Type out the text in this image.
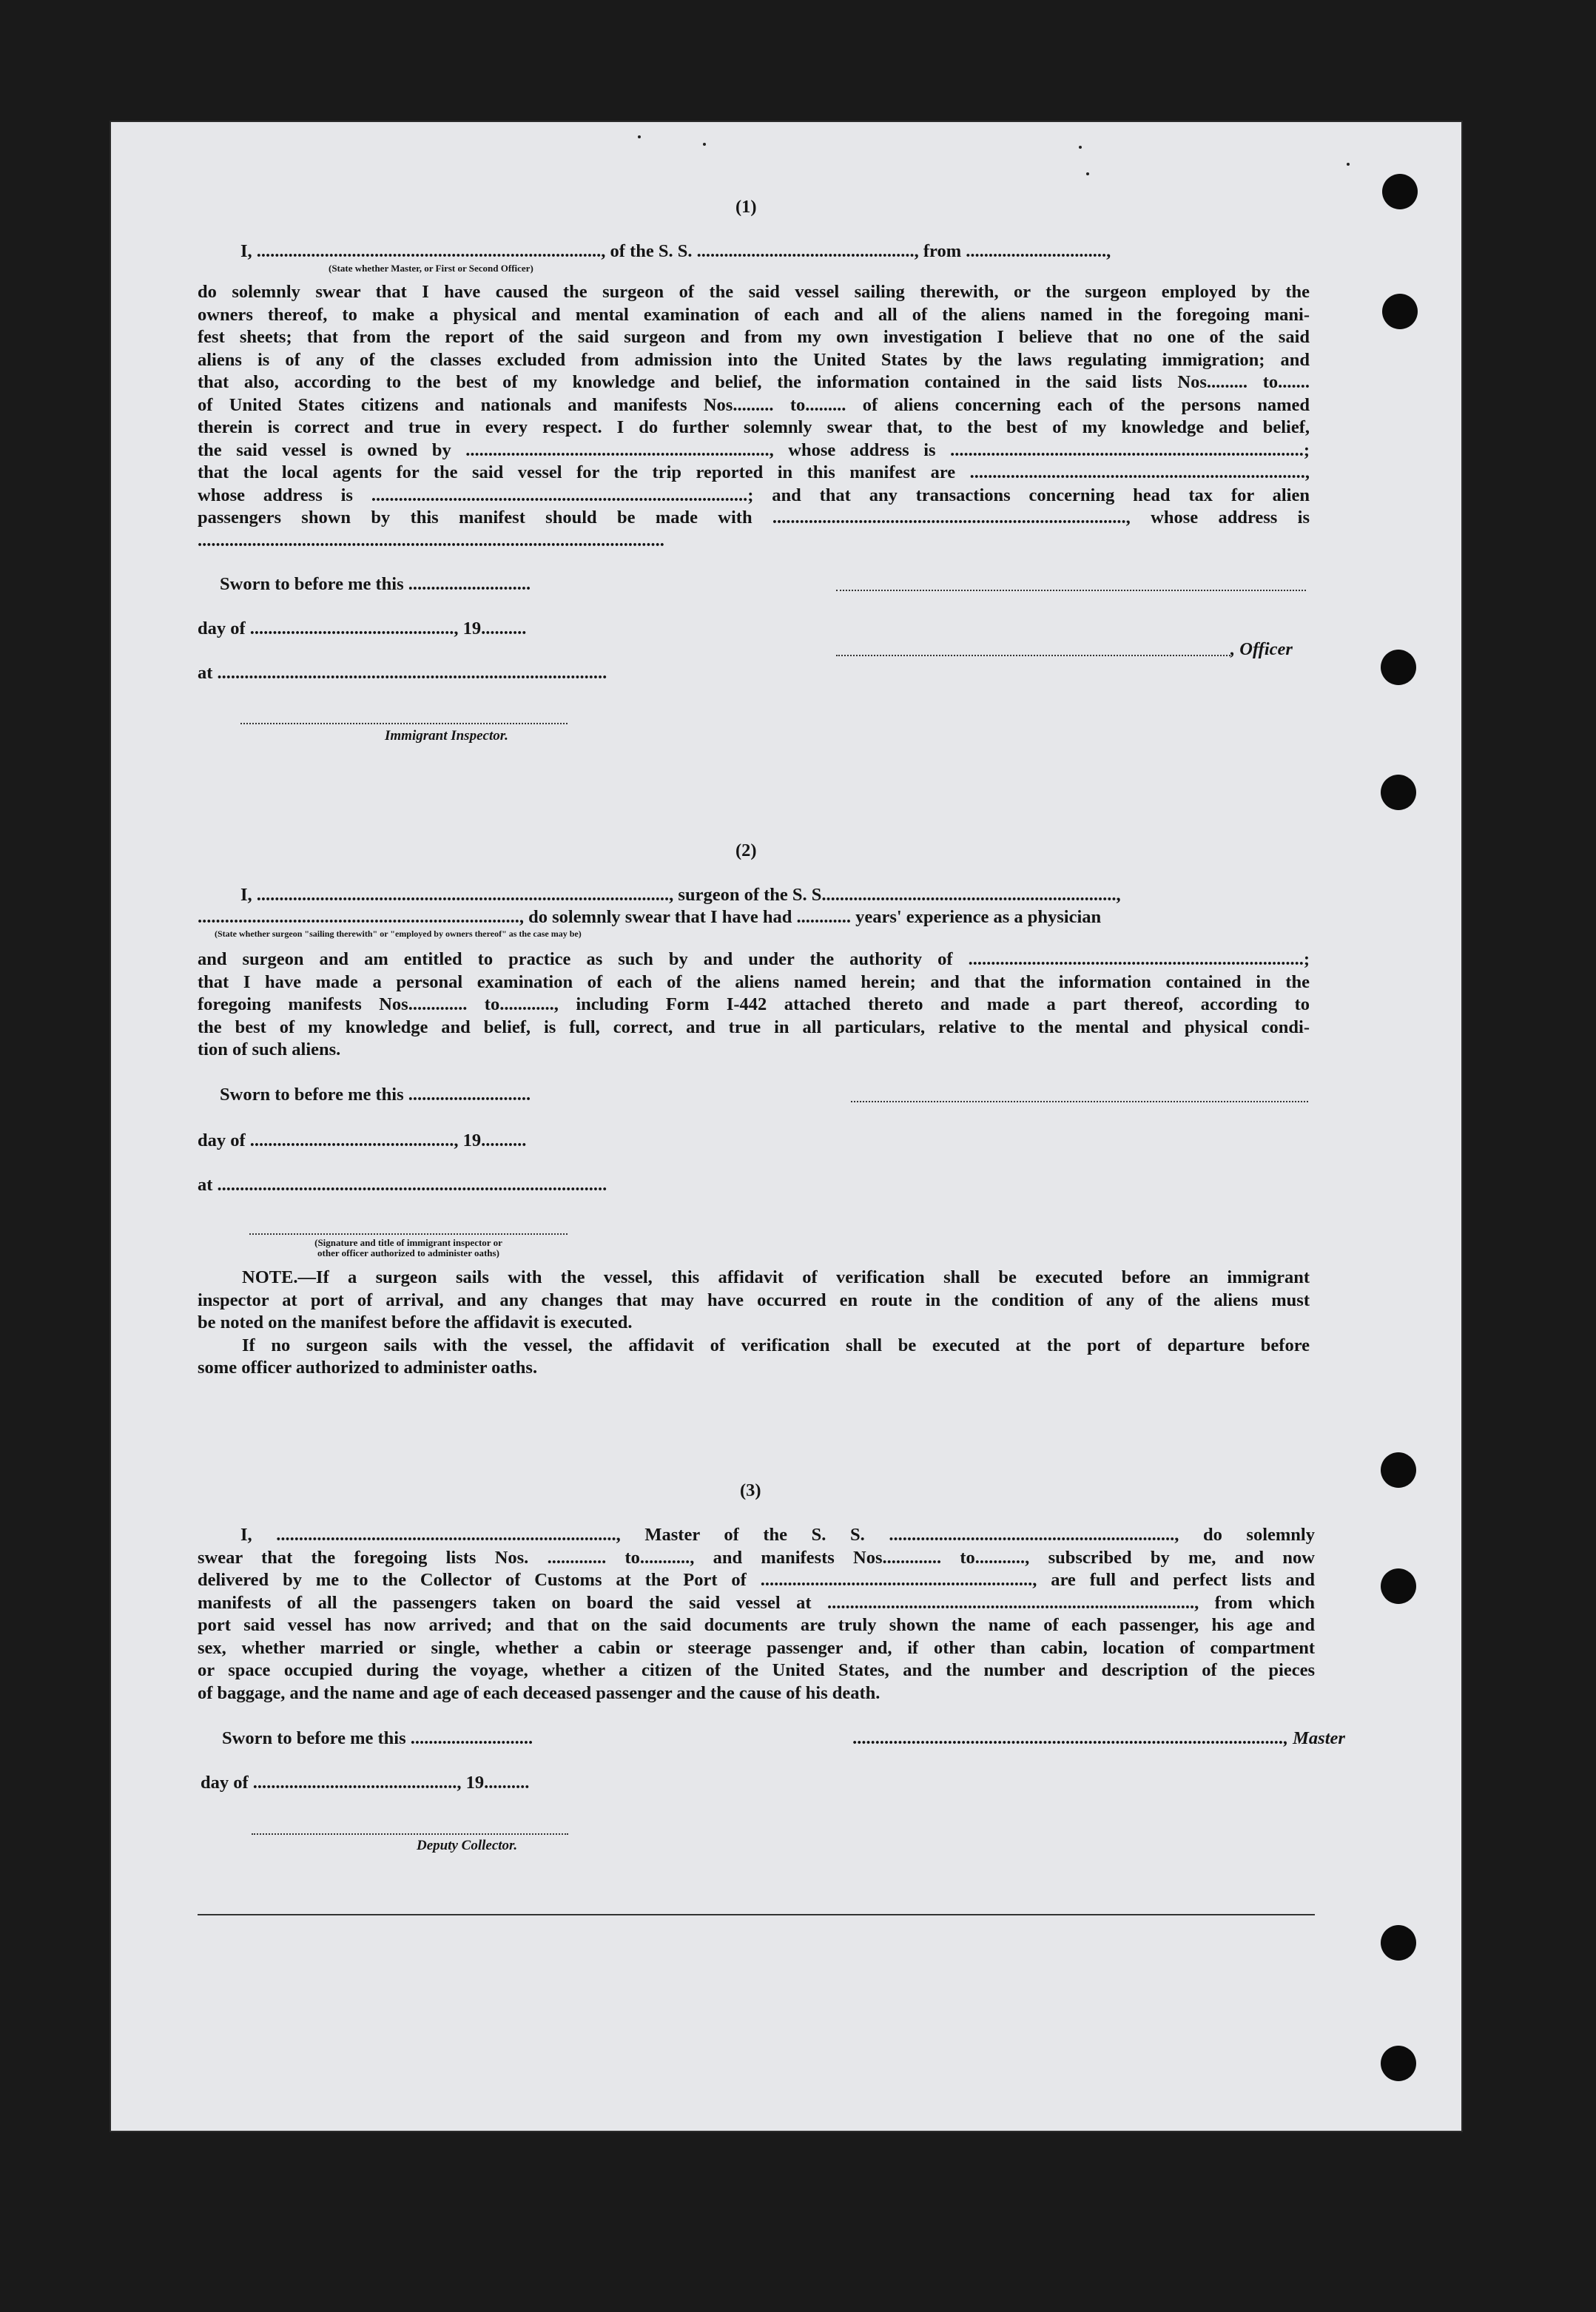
(1)
I, ............................................................................, of the S. S. ................................................, from ...............................,
(State whether Master, or First or Second Officer)
do solemnly swear that I have caused the surgeon of the said vessel sailing therewith, or the surgeon employed by the
owners thereof, to make a physical and mental examination of each and all of the aliens named in the foregoing mani-
fest sheets; that from the report of the said surgeon and from my own investigation I believe that no one of the said
aliens is of any of the classes excluded from admission into the United States by the laws regulating immigration; and
that also, according to the best of my knowledge and belief, the information contained in the said lists Nos......... to.......
of United States citizens and nationals and manifests Nos......... to......... of aliens concerning each of the persons named
therein is correct and true in every respect. I do further solemnly swear that, to the best of my knowledge and belief,
the said vessel is owned by ..................................................................., whose address is ..............................................................................;
that the local agents for the said vessel for the trip reported in this manifest are ..........................................................................,
whose address is ...................................................................................; and that any transactions concerning head tax for alien
passengers shown by this manifest should be made with .............................................................................., whose address is
.......................................................................................................
Sworn to before me this ...........................
day of ............................................., 19..........
, Officer
at ......................................................................................
Immigrant Inspector.
(2)
I, ..........................................................................................., surgeon of the S. S.................................................................,
......................................................................., do solemnly swear that I have had ............ years' experience as a physician
(State whether surgeon "sailing therewith" or "employed by owners thereof" as the case may be)
and surgeon and am entitled to practice as such by and under the authority of ..........................................................................;
that I have made a personal examination of each of the aliens named herein; and that the information contained in the
foregoing manifests Nos............. to............, including Form I-442 attached thereto and made a part thereof, according to
the best of my knowledge and belief, is full, correct, and true in all particulars, relative to the mental and physical condi-
tion of such aliens.
Sworn to before me this ...........................
day of ............................................., 19..........
at ......................................................................................
(Signature and title of immigrant inspector or
other officer authorized to administer oaths)
NOTE.—If a surgeon sails with the vessel, this affidavit of verification shall be executed before an immigrant
inspector at port of arrival, and any changes that may have occurred en route in the condition of any of the aliens must
be noted on the manifest before the affidavit is executed.
If no surgeon sails with the vessel, the affidavit of verification shall be executed at the port of departure before
some officer authorized to administer oaths.
(3)
I, ..........................................................................., Master of the S. S. ..............................................................., do solemnly
swear that the foregoing lists Nos. ............. to..........., and manifests Nos............. to..........., subscribed by me, and now
delivered by me to the Collector of Customs at the Port of ............................................................, are full and perfect lists and
manifests of all the passengers taken on board the said vessel at ................................................................................., from which
port said vessel has now arrived; and that on the said documents are truly shown the name of each passenger, his age and
sex, whether married or single, whether a cabin or steerage passenger and, if other than cabin, location of compartment
or space occupied during the voyage, whether a citizen of the United States, and the number and description of the pieces
of baggage, and the name and age of each deceased passenger and the cause of his death.
Sworn to before me this ...........................	..............................................................................................., Master
day of ............................................., 19..........
Deputy Collector.
